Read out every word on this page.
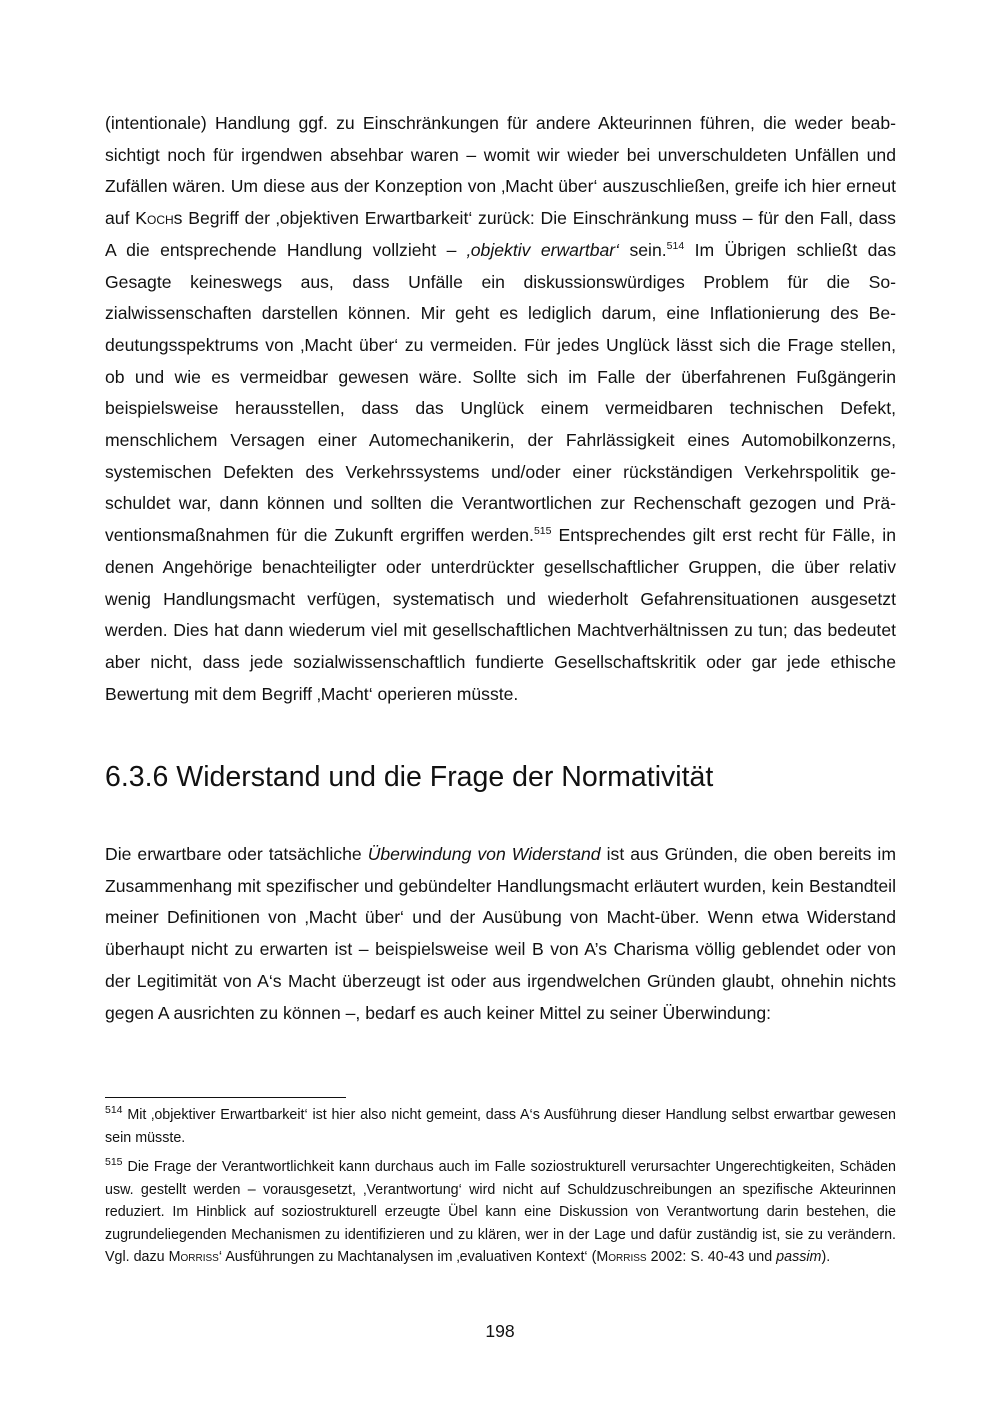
(intentionale) Handlung ggf. zu Einschränkungen für andere Akteurinnen führen, die weder beabsichtigt noch für irgendwen absehbar waren – womit wir wieder bei unverschuldeten Unfällen und Zufällen wären. Um diese aus der Konzeption von ‚Macht über‘ auszuschließen, greife ich hier erneut auf Kochs Begriff der ‚objektiven Erwartbarkeit‘ zurück: Die Einschränkung muss – für den Fall, dass A die entsprechende Handlung vollzieht – ‚objektiv erwartbar‘ sein.$^{514}$ Im Übrigen schließt das Gesagte keineswegs aus, dass Unfälle ein diskussionswürdiges Problem für die Sozialwissenschaften darstellen können. Mir geht es lediglich darum, eine Inflationierung des Bedeutungsspektrums von ‚Macht über‘ zu vermeiden. Für jedes Unglück lässt sich die Frage stellen, ob und wie es vermeidbar gewesen wäre. Sollte sich im Falle der überfahrenen Fußgängerin beispielsweise herausstellen, dass das Unglück einem vermeidbaren technischen Defekt, menschlichem Versagen einer Automechanikerin, der Fahrlässigkeit eines Automobilkonzerns, systemischen Defekten des Verkehrssystems und/oder einer rückständigen Verkehrspolitik geschuldet war, dann können und sollten die Verantwortlichen zur Rechenschaft gezogen und Präventionsmaßnahmen für die Zukunft ergriffen werden.$^{515}$ Entsprechendes gilt erst recht für Fälle, in denen Angehörige benachteiligter oder unterdrückter gesellschaftlicher Gruppen, die über relativ wenig Handlungsmacht verfügen, systematisch und wiederholt Gefahrensituationen ausgesetzt werden. Dies hat dann wiederum viel mit gesellschaftlichen Machtverhältnissen zu tun; das bedeutet aber nicht, dass jede sozialwissenschaftlich fundierte Gesellschaftskritik oder gar jede ethische Bewertung mit dem Begriff ‚Macht‘ operieren müsste.
6.3.6 Widerstand und die Frage der Normativität
Die erwartbare oder tatsächliche Überwindung von Widerstand ist aus Gründen, die oben bereits im Zusammenhang mit spezifischer und gebündelter Handlungsmacht erläutert wurden, kein Bestandteil meiner Definitionen von ‚Macht über‘ und der Ausübung von Macht-über. Wenn etwa Widerstand überhaupt nicht zu erwarten ist – beispielsweise weil B von A’s Charisma völlig geblendet oder von der Legitimität von A‘s Macht überzeugt ist oder aus irgendwelchen Gründen glaubt, ohnehin nichts gegen A ausrichten zu können –, bedarf es auch keiner Mittel zu seiner Überwindung:
$^{514}$ Mit ‚objektiver Erwartbarkeit‘ ist hier also nicht gemeint, dass A‘s Ausführung dieser Handlung selbst erwartbar gewesen sein müsste.
$^{515}$ Die Frage der Verantwortlichkeit kann durchaus auch im Falle soziostrukturell verursachter Ungerechtigkeiten, Schäden usw. gestellt werden – vorausgesetzt, ‚Verantwortung‘ wird nicht auf Schuldzuschreibungen an spezifische Akteurinnen reduziert. Im Hinblick auf soziostrukturell erzeugte Übel kann eine Diskussion von Verantwortung darin bestehen, die zugrundeliegenden Mechanismen zu identifizieren und zu klären, wer in der Lage und dafür zuständig ist, sie zu verändern. Vgl. dazu Morriss‘ Ausführungen zu Machtanalysen im ‚evaluativen Kontext‘ (Morriss 2002: S. 40-43 und passim).
198
